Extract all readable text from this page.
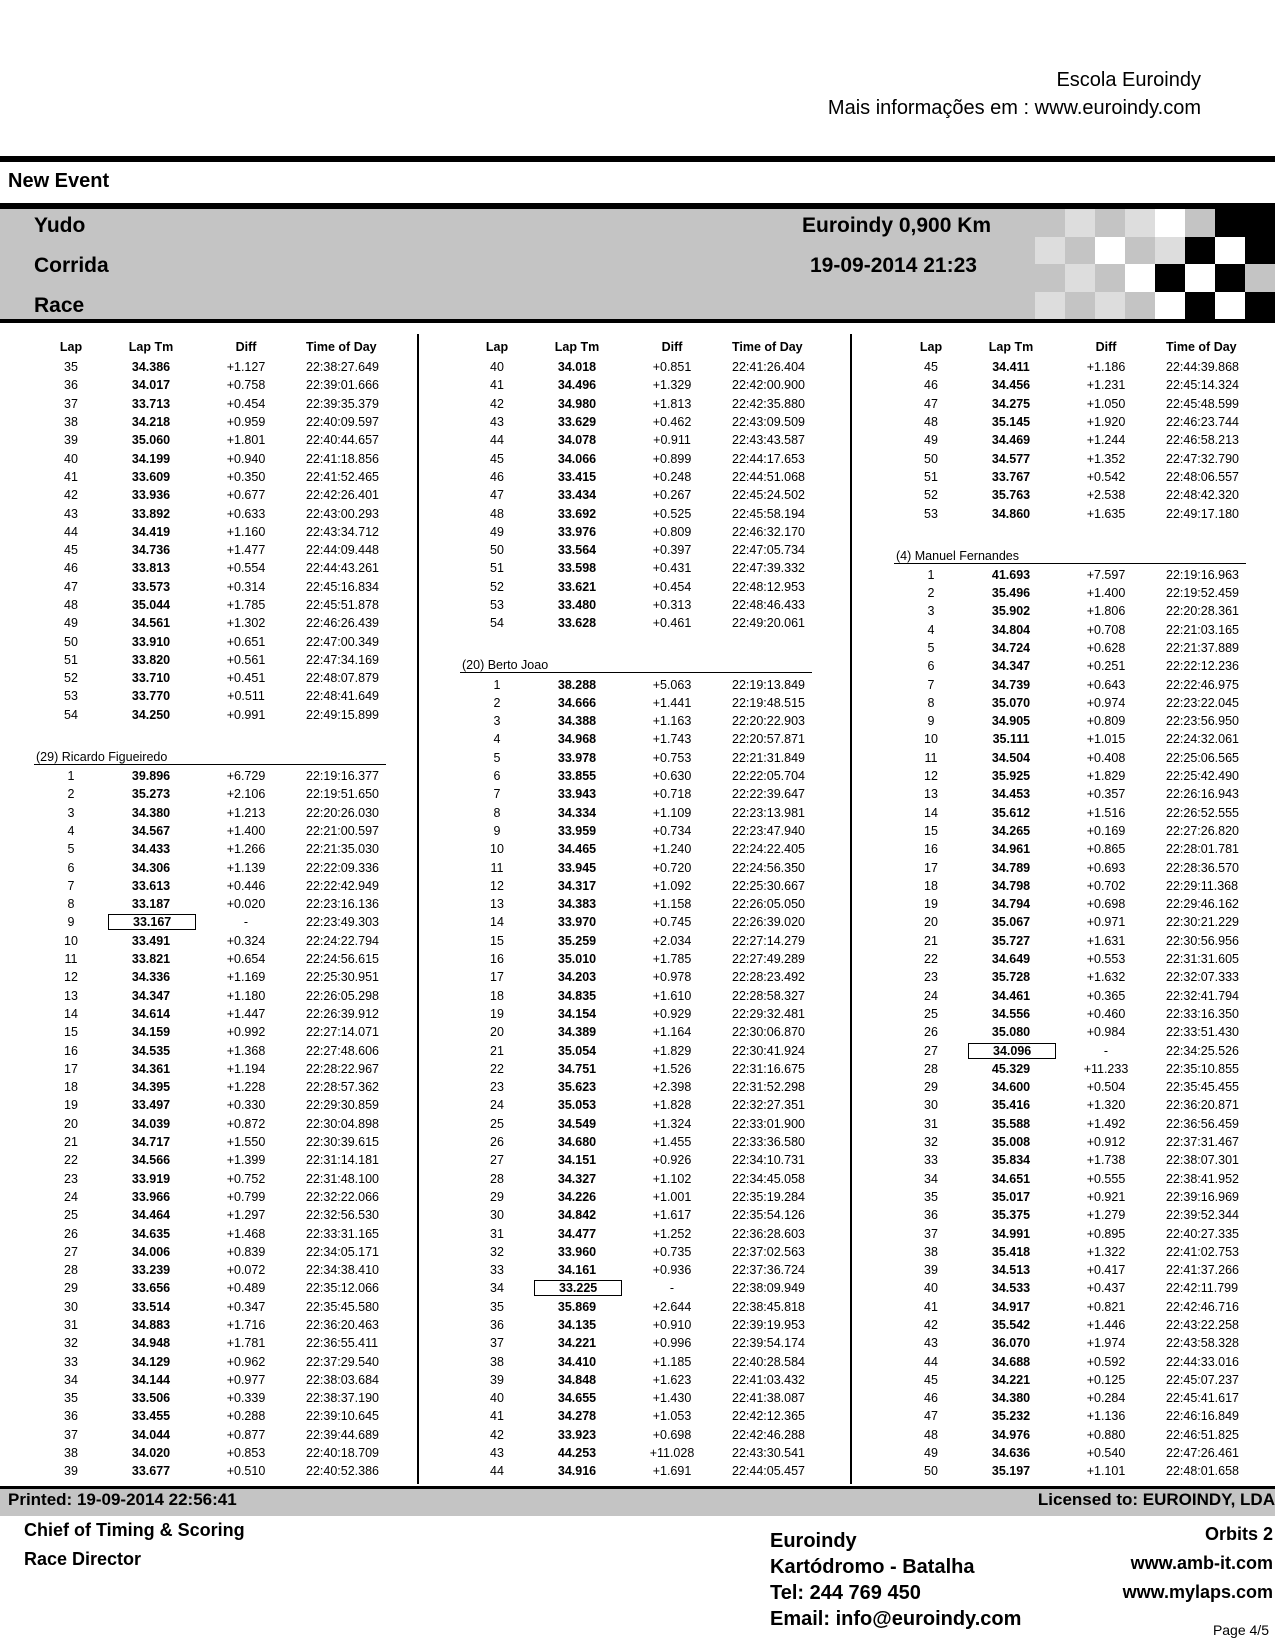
Escola Euroindy
Mais informações em : www.euroindy.com
New Event
Yudo
Corrida
Race
Euroindy 0,900 Km
19-09-2014 21:23
Lap	Lap Tm	Diff	Time of Day
35	34.386	+1.127	22:38:27.649
36	34.017	+0.758	22:39:01.666
37	33.713	+0.454	22:39:35.379
38	34.218	+0.959	22:40:09.597
39	35.060	+1.801	22:40:44.657
40	34.199	+0.940	22:41:18.856
41	33.609	+0.350	22:41:52.465
42	33.936	+0.677	22:42:26.401
43	33.892	+0.633	22:43:00.293
44	34.419	+1.160	22:43:34.712
45	34.736	+1.477	22:44:09.448
46	33.813	+0.554	22:44:43.261
47	33.573	+0.314	22:45:16.834
48	35.044	+1.785	22:45:51.878
49	34.561	+1.302	22:46:26.439
50	33.910	+0.651	22:47:00.349
51	33.820	+0.561	22:47:34.169
52	33.710	+0.451	22:48:07.879
53	33.770	+0.511	22:48:41.649
54	34.250	+0.991	22:49:15.899
(29) Ricardo Figueiredo
1	39.896	+6.729	22:19:16.377
2	35.273	+2.106	22:19:51.650
3	34.380	+1.213	22:20:26.030
4	34.567	+1.400	22:21:00.597
5	34.433	+1.266	22:21:35.030
6	34.306	+1.139	22:22:09.336
7	33.613	+0.446	22:22:42.949
8	33.187	+0.020	22:23:16.136
9	33.167	-	22:23:49.303
10	33.491	+0.324	22:24:22.794
11	33.821	+0.654	22:24:56.615
12	34.336	+1.169	22:25:30.951
13	34.347	+1.180	22:26:05.298
14	34.614	+1.447	22:26:39.912
15	34.159	+0.992	22:27:14.071
16	34.535	+1.368	22:27:48.606
17	34.361	+1.194	22:28:22.967
18	34.395	+1.228	22:28:57.362
19	33.497	+0.330	22:29:30.859
20	34.039	+0.872	22:30:04.898
21	34.717	+1.550	22:30:39.615
22	34.566	+1.399	22:31:14.181
23	33.919	+0.752	22:31:48.100
24	33.966	+0.799	22:32:22.066
25	34.464	+1.297	22:32:56.530
26	34.635	+1.468	22:33:31.165
27	34.006	+0.839	22:34:05.171
28	33.239	+0.072	22:34:38.410
29	33.656	+0.489	22:35:12.066
30	33.514	+0.347	22:35:45.580
31	34.883	+1.716	22:36:20.463
32	34.948	+1.781	22:36:55.411
33	34.129	+0.962	22:37:29.540
34	34.144	+0.977	22:38:03.684
35	33.506	+0.339	22:38:37.190
36	33.455	+0.288	22:39:10.645
37	34.044	+0.877	22:39:44.689
38	34.020	+0.853	22:40:18.709
39	33.677	+0.510	22:40:52.386
Lap	Lap Tm	Diff	Time of Day
40	34.018	+0.851	22:41:26.404
41	34.496	+1.329	22:42:00.900
42	34.980	+1.813	22:42:35.880
43	33.629	+0.462	22:43:09.509
44	34.078	+0.911	22:43:43.587
45	34.066	+0.899	22:44:17.653
46	33.415	+0.248	22:44:51.068
47	33.434	+0.267	22:45:24.502
48	33.692	+0.525	22:45:58.194
49	33.976	+0.809	22:46:32.170
50	33.564	+0.397	22:47:05.734
51	33.598	+0.431	22:47:39.332
52	33.621	+0.454	22:48:12.953
53	33.480	+0.313	22:48:46.433
54	33.628	+0.461	22:49:20.061
(20) Berto Joao
1	38.288	+5.063	22:19:13.849
2	34.666	+1.441	22:19:48.515
3	34.388	+1.163	22:20:22.903
4	34.968	+1.743	22:20:57.871
5	33.978	+0.753	22:21:31.849
6	33.855	+0.630	22:22:05.704
7	33.943	+0.718	22:22:39.647
8	34.334	+1.109	22:23:13.981
9	33.959	+0.734	22:23:47.940
10	34.465	+1.240	22:24:22.405
11	33.945	+0.720	22:24:56.350
12	34.317	+1.092	22:25:30.667
13	34.383	+1.158	22:26:05.050
14	33.970	+0.745	22:26:39.020
15	35.259	+2.034	22:27:14.279
16	35.010	+1.785	22:27:49.289
17	34.203	+0.978	22:28:23.492
18	34.835	+1.610	22:28:58.327
19	34.154	+0.929	22:29:32.481
20	34.389	+1.164	22:30:06.870
21	35.054	+1.829	22:30:41.924
22	34.751	+1.526	22:31:16.675
23	35.623	+2.398	22:31:52.298
24	35.053	+1.828	22:32:27.351
25	34.549	+1.324	22:33:01.900
26	34.680	+1.455	22:33:36.580
27	34.151	+0.926	22:34:10.731
28	34.327	+1.102	22:34:45.058
29	34.226	+1.001	22:35:19.284
30	34.842	+1.617	22:35:54.126
31	34.477	+1.252	22:36:28.603
32	33.960	+0.735	22:37:02.563
33	34.161	+0.936	22:37:36.724
34	33.225	-	22:38:09.949
35	35.869	+2.644	22:38:45.818
36	34.135	+0.910	22:39:19.953
37	34.221	+0.996	22:39:54.174
38	34.410	+1.185	22:40:28.584
39	34.848	+1.623	22:41:03.432
40	34.655	+1.430	22:41:38.087
41	34.278	+1.053	22:42:12.365
42	33.923	+0.698	22:42:46.288
43	44.253	+11.028	22:43:30.541
44	34.916	+1.691	22:44:05.457
Lap	Lap Tm	Diff	Time of Day
45	34.411	+1.186	22:44:39.868
46	34.456	+1.231	22:45:14.324
47	34.275	+1.050	22:45:48.599
48	35.145	+1.920	22:46:23.744
49	34.469	+1.244	22:46:58.213
50	34.577	+1.352	22:47:32.790
51	33.767	+0.542	22:48:06.557
52	35.763	+2.538	22:48:42.320
53	34.860	+1.635	22:49:17.180
(4) Manuel Fernandes
1	41.693	+7.597	22:19:16.963
2	35.496	+1.400	22:19:52.459
3	35.902	+1.806	22:20:28.361
4	34.804	+0.708	22:21:03.165
5	34.724	+0.628	22:21:37.889
6	34.347	+0.251	22:22:12.236
7	34.739	+0.643	22:22:46.975
8	35.070	+0.974	22:23:22.045
9	34.905	+0.809	22:23:56.950
10	35.111	+1.015	22:24:32.061
11	34.504	+0.408	22:25:06.565
12	35.925	+1.829	22:25:42.490
13	34.453	+0.357	22:26:16.943
14	35.612	+1.516	22:26:52.555
15	34.265	+0.169	22:27:26.820
16	34.961	+0.865	22:28:01.781
17	34.789	+0.693	22:28:36.570
18	34.798	+0.702	22:29:11.368
19	34.794	+0.698	22:29:46.162
20	35.067	+0.971	22:30:21.229
21	35.727	+1.631	22:30:56.956
22	34.649	+0.553	22:31:31.605
23	35.728	+1.632	22:32:07.333
24	34.461	+0.365	22:32:41.794
25	34.556	+0.460	22:33:16.350
26	35.080	+0.984	22:33:51.430
27	34.096	-	22:34:25.526
28	45.329	+11.233	22:35:10.855
29	34.600	+0.504	22:35:45.455
30	35.416	+1.320	22:36:20.871
31	35.588	+1.492	22:36:56.459
32	35.008	+0.912	22:37:31.467
33	35.834	+1.738	22:38:07.301
34	34.651	+0.555	22:38:41.952
35	35.017	+0.921	22:39:16.969
36	35.375	+1.279	22:39:52.344
37	34.991	+0.895	22:40:27.335
38	35.418	+1.322	22:41:02.753
39	34.513	+0.417	22:41:37.266
40	34.533	+0.437	22:42:11.799
41	34.917	+0.821	22:42:46.716
42	35.542	+1.446	22:43:22.258
43	36.070	+1.974	22:43:58.328
44	34.688	+0.592	22:44:33.016
45	34.221	+0.125	22:45:07.237
46	34.380	+0.284	22:45:41.617
47	35.232	+1.136	22:46:16.849
48	34.976	+0.880	22:46:51.825
49	34.636	+0.540	22:47:26.461
50	35.197	+1.101	22:48:01.658
Printed: 19-09-2014 22:56:41	Licensed to: EUROINDY, LDA
Chief of Timing & Scoring
Race Director
Euroindy
Kartódromo - Batalha
Tel: 244 769 450
Email: info@euroindy.com
Orbits 2
www.amb-it.com
www.mylaps.com
Page 4/5
